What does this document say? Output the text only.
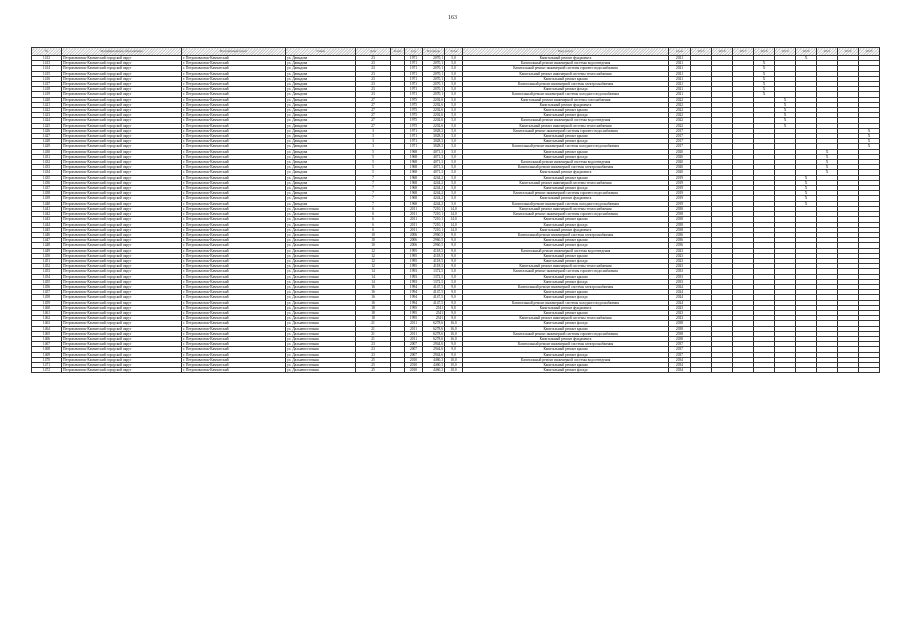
163
№	Муниципальное образование	Населенный пункт	Улица	Дом	Корп	Год	Площадь	Этаж	Вид работ	Срок	2015	2016	2017	2018	2019	2020	2021	2022	2023
1412	Петропавловск-Камчатский городской округ	г. Петропавловск-Камчатский	ул. Давыдова	23		1971	2070,1	5,0	Капитальный ремонт фундамента	2021						X			
1413	Петропавловск-Камчатский городской округ	г. Петропавловск-Камчатский	ул. Давыдова	23		1971	2070,1	5,0	Капитальный ремонт инженерной системы водоотведения	2021				X					
1414	Петропавловск-Камчатский городской округ	г. Петропавловск-Камчатский	ул. Давыдова	23		1971	2070,1	5,0	Капитальный ремонт инженерной системы горячего водоснабжения	2021				X					
1415	Петропавловск-Камчатский городской округ	г. Петропавловск-Камчатский	ул. Давыдова	23		1971	2070,1	5,0	Капитальный ремонт инженерной системы теплоснабжения	2021				X					
1416	Петропавловск-Камчатский городской округ	г. Петропавловск-Камчатский	ул. Давыдова	23		1971	2070,1	5,0	Капитальный ремонт крыши	2021				X					
1417	Петропавловск-Камчатский городской округ	г. Петропавловск-Камчатский	ул. Давыдова	23		1971	2070,1	5,0	Капитальный ремонт инженерной системы электроснабжения	2021				X					
1418	Петропавловск-Камчатский городской округ	г. Петропавловск-Камчатский	ул. Давыдова	23		1971	2070,1	5,0	Капитальный ремонт фасада	2021				X					
1419	Петропавловск-Камчатский городской округ	г. Петропавловск-Камчатский	ул. Давыдова	23		1971	2070,1	5,0	Капитальный ремонт инженерной системы холодного водоснабжения	2021				X					
1420	Петропавловск-Камчатский городской округ	г. Петропавловск-Камчатский	ул. Давыдова	27		1975	2202,6	5,0	Капитальный ремонт инженерной системы газоснабжения	2022					X				
1421	Петропавловск-Камчатский городской округ	г. Петропавловск-Камчатский	ул. Давыдова	27		1975	2202,6	5,0	Капитальный ремонт фундамента	2022					X				
1422	Петропавловск-Камчатский городской округ	г. Петропавловск-Камчатский	ул. Давыдова	27		1975	2202,6	5,0	Капитальный ремонт крыши	2022					X				
1423	Петропавловск-Камчатский городской округ	г. Петропавловск-Камчатский	ул. Давыдова	27		1975	2202,6	5,0	Капитальный ремонт фасада	2022					X				
1424	Петропавловск-Камчатский городской округ	г. Петропавловск-Камчатский	ул. Давыдова	27		1975	2202,6	5,0	Капитальный ремонт инженерной системы водоотведения	2022					X				
1425	Петропавловск-Камчатский городской округ	г. Петропавловск-Камчатский	ул. Давыдова	27		1975	2202,6	5,0	Капитальный ремонт инженерной системы теплоснабжения	2022					X				
1426	Петропавловск-Камчатский городской округ	г. Петропавловск-Камчатский	ул. Давыдова	3		1971	3028,3	5,0	Капитальный ремонт инженерной системы горячего водоснабжения	2017									X
1427	Петропавловск-Камчатский городской округ	г. Петропавловск-Камчатский	ул. Давыдова	3		1971	3028,3	5,0	Капитальный ремонт крыши	2017									X
1428	Петропавловск-Камчатский городской округ	г. Петропавловск-Камчатский	ул. Давыдова	3		1971	3028,3	5,0	Капитальный ремонт фасада	2017									X
1429	Петропавловск-Камчатский городской округ	г. Петропавловск-Камчатский	ул. Давыдова	3		1971	3028,3	5,0	Капитальный ремонт инженерной системы холодного водоснабжения	2017									X
1430	Петропавловск-Камчатский городской округ	г. Петропавловск-Камчатский	ул. Давыдова	5		1968	4071,3	5,0	Капитальный ремонт крыши	2020							X		
1431	Петропавловск-Камчатский городской округ	г. Петропавловск-Камчатский	ул. Давыдова	5		1968	4071,3	5,0	Капитальный ремонт фасада	2020							X		
1432	Петропавловск-Камчатский городской округ	г. Петропавловск-Камчатский	ул. Давыдова	5		1968	4071,3	5,0	Капитальный ремонт инженерной системы водоотведения	2020							X		
1433	Петропавловск-Камчатский городской округ	г. Петропавловск-Камчатский	ул. Давыдова	5		1968	4071,3	5,0	Капитальный ремонт инженерной системы электроснабжения	2020							X		
1434	Петропавловск-Камчатский городской округ	г. Петропавловск-Камчатский	ул. Давыдова	5		1968	4071,3	5,0	Капитальный ремонт фундамента	2020							X		
1435	Петропавловск-Камчатский городской округ	г. Петропавловск-Камчатский	ул. Давыдова	7		1968	4244,2	5,0	Капитальный ремонт крыши	2019						X			
1436	Петропавловск-Камчатский городской округ	г. Петропавловск-Камчатский	ул. Давыдова	7		1968	4244,2	5,0	Капитальный ремонт инженерной системы теплоснабжения	2019						X			
1437	Петропавловск-Камчатский городской округ	г. Петропавловск-Камчатский	ул. Давыдова	7		1968	4244,2	5,0	Капитальный ремонт фасада	2019						X			
1438	Петропавловск-Камчатский городской округ	г. Петропавловск-Камчатский	ул. Давыдова	7		1968	4244,2	5,0	Капитальный ремонт инженерной системы горячего водоснабжения	2019						X			
1439	Петропавловск-Камчатский городской округ	г. Петропавловск-Камчатский	ул. Давыдова	7		1968	4244,2	5,0	Капитальный ремонт фундамента	2019						X			
1440	Петропавловск-Камчатский городской округ	г. Петропавловск-Камчатский	ул. Давыдова	7		1968	4244,2	5,0	Капитальный ремонт инженерной системы холодного водоснабжения	2019						X			
1441	Петропавловск-Камчатский городской округ	г. Петропавловск-Камчатский	ул. Дальневосточная	6		2011	7210,1	14,0	Капитальный ремонт инженерной системы теплоснабжения	2038									
1442	Петропавловск-Камчатский городской округ	г. Петропавловск-Камчатский	ул. Дальневосточная	6		2011	7210,1	14,0	Капитальный ремонт инженерной системы горячего водоснабжения	2038									
1443	Петропавловск-Камчатский городской округ	г. Петропавловск-Камчатский	ул. Дальневосточная	6		2011	7210,1	14,0	Капитальный ремонт крыши	2038									
1444	Петропавловск-Камчатский городской округ	г. Петропавловск-Камчатский	ул. Дальневосточная	6		2011	7210,1	14,0	Капитальный ремонт фасада	2038									
1445	Петропавловск-Камчатский городской округ	г. Петропавловск-Камчатский	ул. Дальневосточная	6		2011	7210,1	14,0	Капитальный ремонт фундамента	2038									
1446	Петропавловск-Камчатский городской округ	г. Петропавловск-Камчатский	ул. Дальневосточная	10		2006	2960,5	9,0	Капитальный ремонт инженерной системы электроснабжения	2036									
1447	Петропавловск-Камчатский городской округ	г. Петропавловск-Камчатский	ул. Дальневосточная	10		2006	2960,5	9,0	Капитальный ремонт крыши	2036									
1448	Петропавловск-Камчатский городской округ	г. Петропавловск-Камчатский	ул. Дальневосточная	10		2006	2960,5	9,0	Капитальный ремонт фасада	2036									
1449	Петропавловск-Камчатский городской округ	г. Петропавловск-Камчатский	ул. Дальневосточная	12		1995	4118,5	9,0	Капитальный ремонт инженерной системы водоотведения	2023									
1450	Петропавловск-Камчатский городской округ	г. Петропавловск-Камчатский	ул. Дальневосточная	12		1995	4118,5	9,0	Капитальный ремонт крыши	2023									
1451	Петропавловск-Камчатский городской округ	г. Петропавловск-Камчатский	ул. Дальневосточная	12		1995	4118,5	9,0	Капитальный ремонт фасада	2023									
1452	Петропавловск-Камчатский городской округ	г. Петропавловск-Камчатский	ул. Дальневосточная	12		1995	4118,5	9,0	Капитальный ремонт инженерной системы теплоснабжения	2023									
1453	Петропавловск-Камчатский городской округ	г. Петропавловск-Камчатский	ул. Дальневосточная	14		1993	1372,5	5,0	Капитальный ремонт инженерной системы горячего водоснабжения	2033									
1454	Петропавловск-Камчатский городской округ	г. Петропавловск-Камчатский	ул. Дальневосточная	14		1993	1372,5	5,0	Капитальный ремонт крыши	2033									
1455	Петропавловск-Камчатский городской округ	г. Петропавловск-Камчатский	ул. Дальневосточная	14		1993	1372,5	5,0	Капитальный ремонт фасада	2033									
1456	Петропавловск-Камчатский городской округ	г. Петропавловск-Камчатский	ул. Дальневосточная	16		1994	4147,5	9,0	Капитальный ремонт инженерной системы электроснабжения	2024									
1457	Петропавловск-Камчатский городской округ	г. Петропавловск-Камчатский	ул. Дальневосточная	16		1994	4147,5	9,0	Капитальный ремонт крыши	2024									
1458	Петропавловск-Камчатский городской округ	г. Петропавловск-Камчатский	ул. Дальневосточная	16		1994	4147,5	9,0	Капитальный ремонт фасада	2024									
1459	Петропавловск-Камчатский городской округ	г. Петропавловск-Камчатский	ул. Дальневосточная	16		1994	4147,5	9,0	Капитальный ремонт инженерной системы холодного водоснабжения	2024									
1460	Петропавловск-Камчатский городской округ	г. Петропавловск-Камчатский	ул. Дальневосточная	18		1995	2541	9,0	Капитальный ремонт фундамента	2023									
1461	Петропавловск-Камчатский городской округ	г. Петропавловск-Камчатский	ул. Дальневосточная	18		1995	2541	9,0	Капитальный ремонт крыши	2023									
1462	Петропавловск-Камчатский городской округ	г. Петропавловск-Камчатский	ул. Дальневосточная	18		1995	2541	9,0	Капитальный ремонт инженерной системы теплоснабжения	2023									
1463	Петропавловск-Камчатский городской округ	г. Петропавловск-Камчатский	ул. Дальневосточная	21		2011	6278,6	16,0	Капитальный ремонт фасада	2038									
1464	Петропавловск-Камчатский городской округ	г. Петропавловск-Камчатский	ул. Дальневосточная	21		2011	6278,6	16,0	Капитальный ремонт крыши	2038									
1465	Петропавловск-Камчатский городской округ	г. Петропавловск-Камчатский	ул. Дальневосточная	21		2011	6278,6	16,0	Капитальный ремонт инженерной системы горячего водоснабжения	2038									
1466	Петропавловск-Камчатский городской округ	г. Петропавловск-Камчатский	ул. Дальневосточная	21		2011	6278,6	16,0	Капитальный ремонт фундамента	2038									
1467	Петропавловск-Камчатский городской округ	г. Петропавловск-Камчатский	ул. Дальневосточная	23		2007	2944,6	9,0	Капитальный ремонт инженерной системы электроснабжения	2037									
1468	Петропавловск-Камчатский городской округ	г. Петропавловск-Камчатский	ул. Дальневосточная	23		2007	2944,6	9,0	Капитальный ремонт крыши	2037									
1469	Петропавловск-Камчатский городской округ	г. Петропавловск-Камчатский	ул. Дальневосточная	23		2007	2944,6	9,0	Капитальный ремонт фасада	2037									
1470	Петропавловск-Камчатский городской округ	г. Петропавловск-Камчатский	ул. Дальневосточная	25		2010	4460,3	10,0	Капитальный ремонт инженерной системы водоотведения	2034									
1471	Петропавловск-Камчатский городской округ	г. Петропавловск-Камчатский	ул. Дальневосточная	25		2010	4460,3	10,0	Капитальный ремонт крыши	2034									
1472	Петропавловск-Камчатский городской округ	г. Петропавловск-Камчатский	ул. Дальневосточная	25		2010	4460,3	10,0	Капитальный ремонт фасада	2034									
